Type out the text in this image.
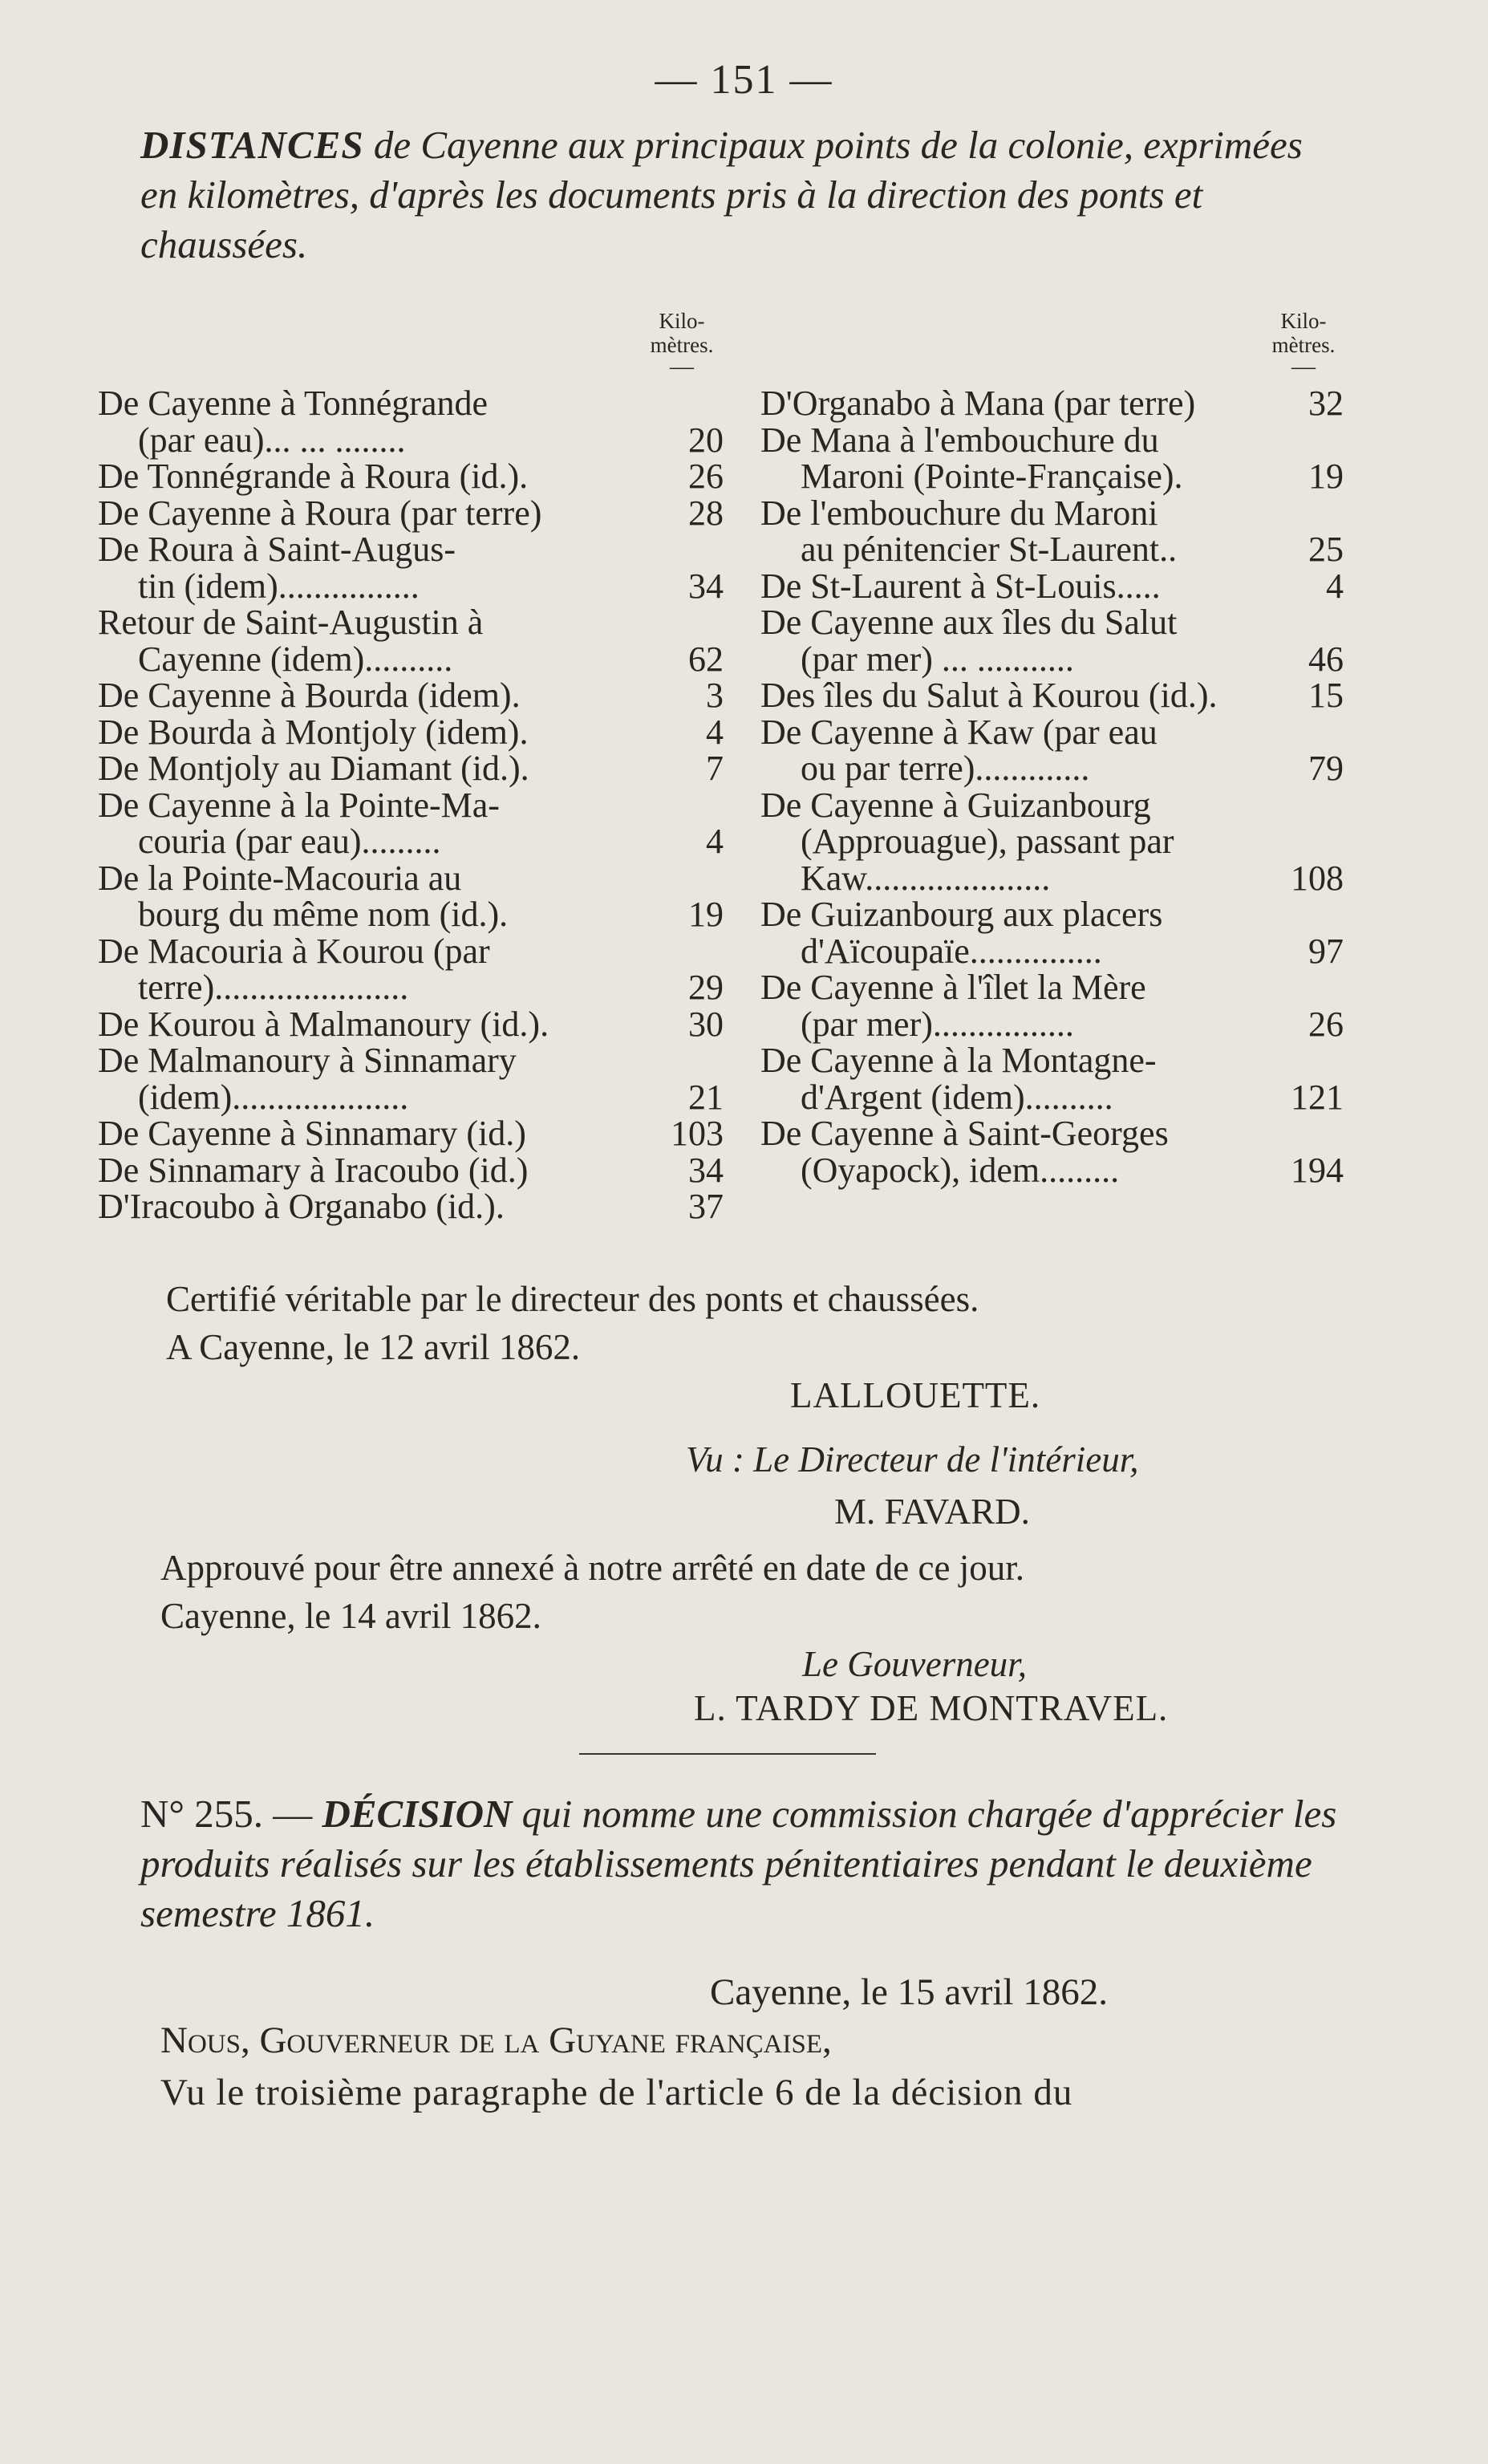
— 151 —
DISTANCES de Cayenne aux principaux points de la colonie, exprimées en kilomètres, d'après les documents pris à la direction des ponts et chaussées.
Kilo-
mètres.
—
Kilo-
mètres.
—
De Cayenne à Tonnégrande
(par eau)... ... ........	20
De Tonnégrande à Roura (id.).	26
De Cayenne à Roura (par terre)	28
De Roura à Saint-Augus-
tin (idem)................	34
Retour de Saint-Augustin à
Cayenne (idem)..........	62
De Cayenne à Bourda (idem).	3
De Bourda à Montjoly (idem).	4
De Montjoly au Diamant (id.).	7
De Cayenne à la Pointe-Ma-
couria (par eau).........	4
De la Pointe-Macouria au
bourg du même nom (id.).	19
De Macouria à Kourou (par
terre)......................	29
De Kourou à Malmanoury (id.).	30
De Malmanoury à Sinnamary
(idem)....................	21
De Cayenne à Sinnamary (id.)	103
De Sinnamary à Iracoubo (id.)	34
D'Iracoubo à Organabo (id.).	37
D'Organabo à Mana (par terre)	32
De Mana à l'embouchure du
Maroni (Pointe-Française).	19
De l'embouchure du Maroni
au pénitencier St-Laurent..	25
De St-Laurent à St-Louis.....	4
De Cayenne aux îles du Salut
(par mer) ... ...........	46
Des îles du Salut à Kourou (id.).	15
De Cayenne à Kaw (par eau
ou par terre).............	79
De Cayenne à Guizanbourg
(Approuague), passant par
Kaw.....................	108
De Guizanbourg aux placers
d'Aïcoupaïe...............	97
De Cayenne à l'îlet la Mère
(par mer)................	26
De Cayenne à la Montagne-
d'Argent (idem)..........	121
De Cayenne à Saint-Georges
(Oyapock), idem.........	194
Certifié véritable par le directeur des ponts et chaussées.
A Cayenne, le 12 avril 1862.
LALLOUETTE.
Vu : Le Directeur de l'intérieur,
M. FAVARD.
Approuvé pour être annexé à notre arrêté en date de ce jour.
Cayenne, le 14 avril 1862.
Le Gouverneur,
L. TARDY DE MONTRAVEL.
N° 255. — DÉCISION qui nomme une commission chargée d'apprécier les produits réalisés sur les établissements pénitentiaires pendant le deuxième semestre 1861.
Cayenne, le 15 avril 1862.
Nous, Gouverneur de la Guyane française,
Vu le troisième paragraphe de l'article 6 de la décision du
